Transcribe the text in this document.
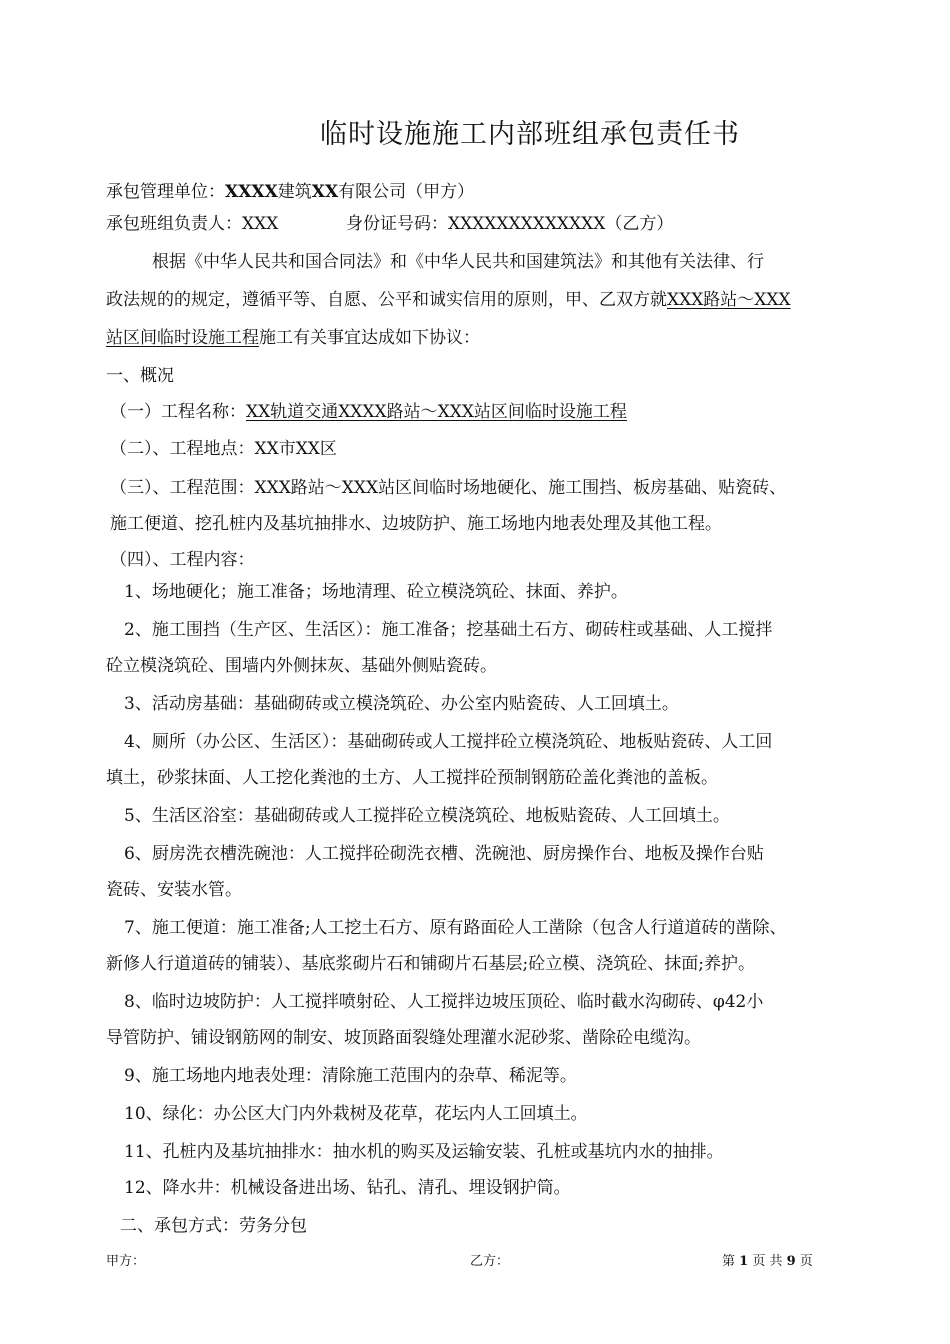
临时设施施工内部班组承包责任书
承包管理单位：XXXX建筑XX有限公司（甲方）
承包班组负责人：XXX	身份证号码：XXXXXXXXXXXXX（乙方）
根据《中华人民共和国合同法》和《中华人民共和国建筑法》和其他有关法律、行
政法规的的规定，遵循平等、自愿、公平和诚实信用的原则，甲、乙双方就XXX路站～XXX
站区间临时设施工程施工有关事宜达成如下协议：
一、概况
（一）工程名称：XX轨道交通XXXX路站～XXX站区间临时设施工程
（二）、工程地点：XX市XX区
（三）、工程范围：XXX路站～XXX站区间临时场地硬化、施工围挡、板房基础、贴瓷砖、
施工便道、挖孔桩内及基坑抽排水、边坡防护、施工场地内地表处理及其他工程。
（四）、工程内容：
1、场地硬化；施工准备；场地清理、砼立模浇筑砼、抹面、养护。
2、施工围挡（生产区、生活区）：施工准备；挖基础土石方、砌砖柱或基础、人工搅拌
砼立模浇筑砼、围墙内外侧抹灰、基础外侧贴瓷砖。
3、活动房基础：基础砌砖或立模浇筑砼、办公室内贴瓷砖、人工回填土。
4、厕所（办公区、生活区）：基础砌砖或人工搅拌砼立模浇筑砼、地板贴瓷砖、人工回
填土，砂浆抹面、人工挖化粪池的土方、人工搅拌砼预制钢筋砼盖化粪池的盖板。
5、生活区浴室：基础砌砖或人工搅拌砼立模浇筑砼、地板贴瓷砖、人工回填土。
6、厨房洗衣槽洗碗池：人工搅拌砼砌洗衣槽、洗碗池、厨房操作台、地板及操作台贴
瓷砖、安装水管。
7、施工便道：施工准备;人工挖土石方、原有路面砼人工凿除（包含人行道道砖的凿除、
新修人行道道砖的铺装）、基底浆砌片石和铺砌片石基层;砼立模、浇筑砼、抹面;养护。
8、临时边坡防护：人工搅拌喷射砼、人工搅拌边坡压顶砼、临时截水沟砌砖、φ42小
导管防护、铺设钢筋网的制安、坡顶路面裂缝处理灌水泥砂浆、凿除砼电缆沟。
9、施工场地内地表处理：清除施工范围内的杂草、稀泥等。
10、绿化：办公区大门内外栽树及花草，花坛内人工回填土。
11、孔桩内及基坑抽排水：抽水机的购买及运输安装、孔桩或基坑内水的抽排。
12、降水井：机械设备进出场、钻孔、清孔、埋设钢护筒。
二、承包方式：劳务分包
甲方：	乙方：	第 1 页 共 9 页
